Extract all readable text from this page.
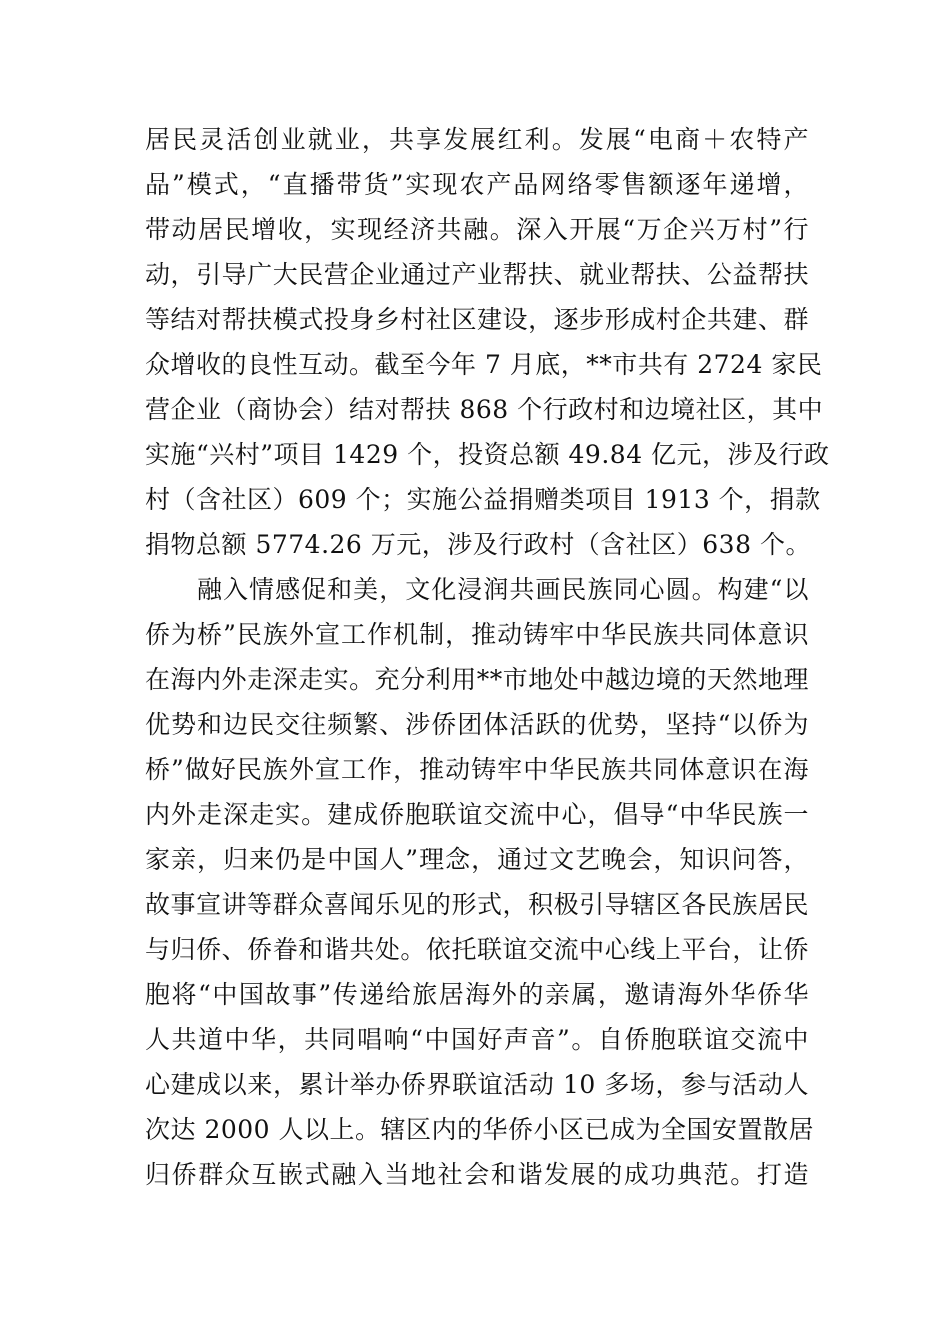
居民灵活创业就业，共享发展红利。发展“电商＋农特产
品”模式，“直播带货”实现农产品网络零售额逐年递增，
带动居民增收，实现经济共融。深入开展“万企兴万村”行
动，引导广大民营企业通过产业帮扶、就业帮扶、公益帮扶
等结对帮扶模式投身乡村社区建设，逐步形成村企共建、群
众增收的良性互动。截至今年 7 月底，**市共有 2724 家民
营企业（商协会）结对帮扶 868 个行政村和边境社区，其中
实施“兴村”项目 1429 个，投资总额 49.84 亿元，涉及行政
村（含社区）609 个；实施公益捐赠类项目 1913 个，捐款
捐物总额 5774.26 万元，涉及行政村（含社区）638 个。
融入情感促和美，文化浸润共画民族同心圆。构建“以
侨为桥”民族外宣工作机制，推动铸牢中华民族共同体意识
在海内外走深走实。充分利用**市地处中越边境的天然地理
优势和边民交往频繁、涉侨团体活跃的优势，坚持“以侨为
桥”做好民族外宣工作，推动铸牢中华民族共同体意识在海
内外走深走实。建成侨胞联谊交流中心，倡导“中华民族一
家亲，归来仍是中国人”理念，通过文艺晚会，知识问答，
故事宣讲等群众喜闻乐见的形式，积极引导辖区各民族居民
与归侨、侨眷和谐共处。依托联谊交流中心线上平台，让侨
胞将“中国故事”传递给旅居海外的亲属，邀请海外华侨华
人共道中华，共同唱响“中国好声音”。自侨胞联谊交流中
心建成以来，累计举办侨界联谊活动 10 多场，参与活动人
次达 2000 人以上。辖区内的华侨小区已成为全国安置散居
归侨群众互嵌式融入当地社会和谐发展的成功典范。打造
